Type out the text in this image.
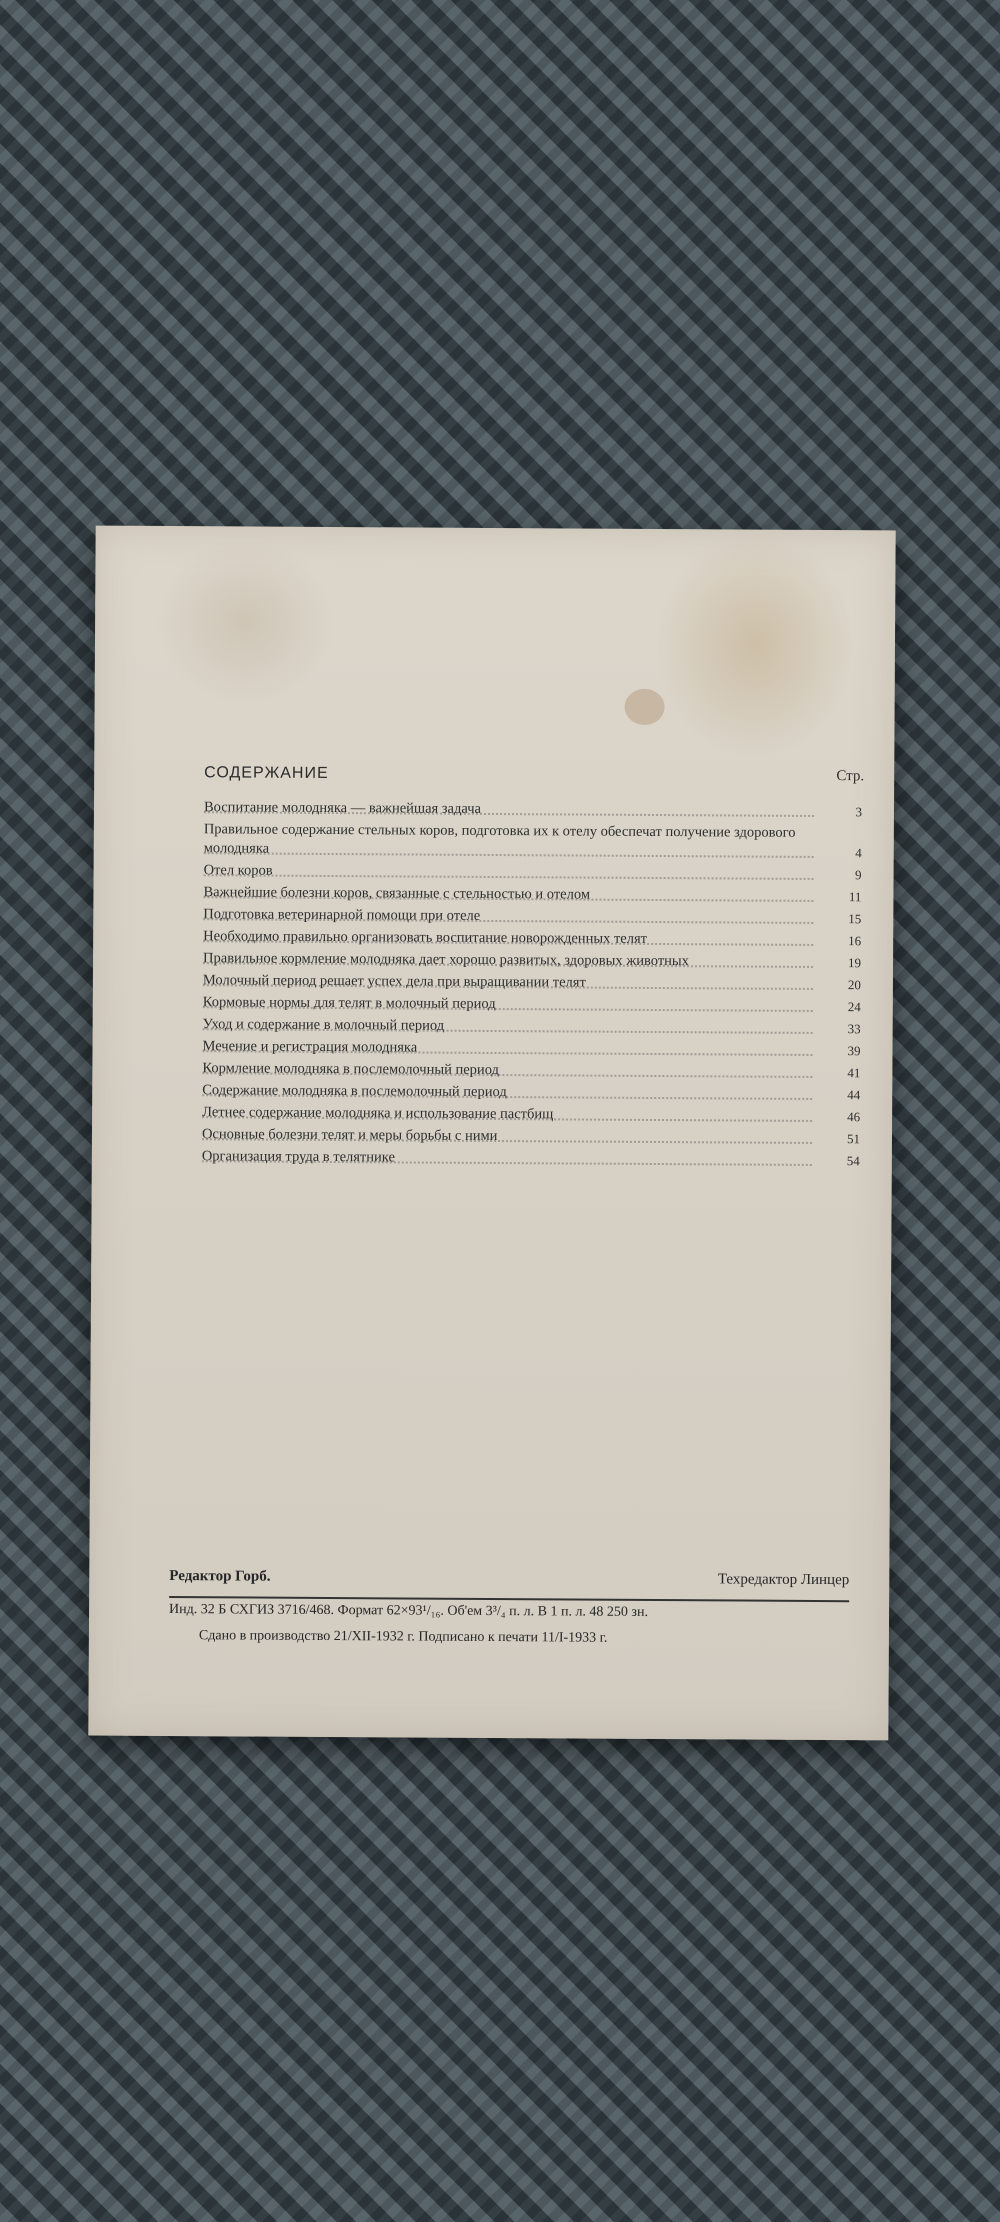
СОДЕРЖАНИЕ	Стр.
Воспитание молодняка — важнейшая задача	3
Правильное содержание стельных коров, подготовка их к отелу обеспечат получение здорового молодняка	4
Отел коров	9
Важнейшие болезни коров, связанные с стельностью и отелом	11
Подготовка ветеринарной помощи при отеле	15
Необходимо правильно организовать воспитание новорожденных телят	16
Правильное кормление молодняка дает хорошо развитых, здоровых животных	19
Молочный период решает успех дела при выращивании телят	20
Кормовые нормы для телят в молочный период	24
Уход и содержание в молочный период	33
Мечение и регистрация молодняка	39
Кормление молодняка в послемолочный период	41
Содержание молодняка в послемолочный период	44
Летнее содержание молодняка и использование пастбищ	46
Основные болезни телят и меры борьбы с ними	51
Организация труда в телятнике	54
Редактор Горб.	Техредактор Линцер
Инд. 32 Б СХГИЗ 3716/468. Формат 62×93¹/₁₆. Об'ем 3³/₄ п. л. В 1 п. л. 48 250 зн.
Сдано в производство 21/XII-1932 г. Подписано к печати 11/I-1933 г.
